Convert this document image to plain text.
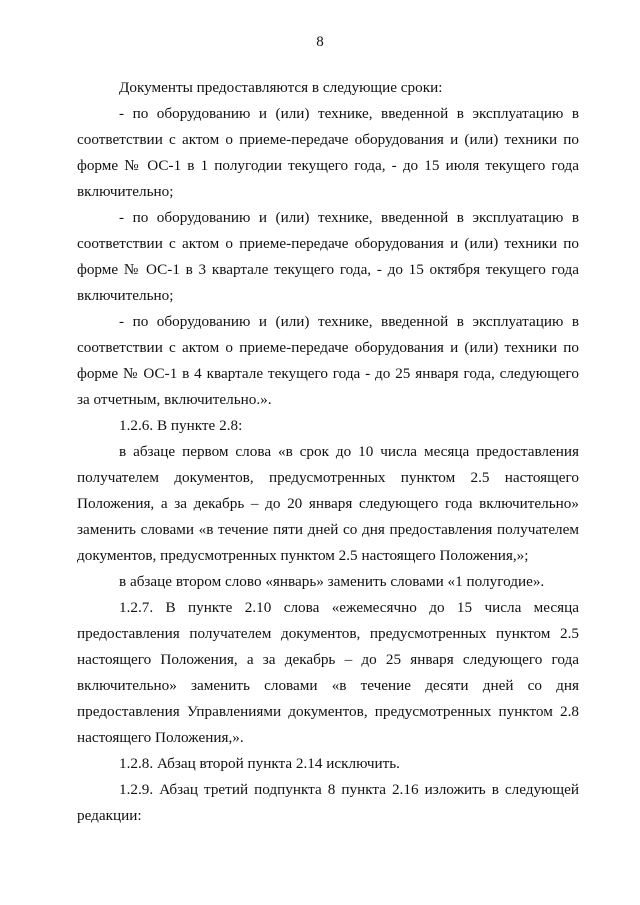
8
Документы предоставляются в следующие сроки:
- по оборудованию и (или) технике, введенной в эксплуатацию в
соответствии с актом о приеме-передаче оборудования и (или) техники по
форме № ОС-1 в 1 полугодии текущего года, - до 15 июля текущего года
включительно;
- по оборудованию и (или) технике, введенной в эксплуатацию в
соответствии с актом о приеме-передаче оборудования и (или) техники по
форме № ОС-1 в 3 квартале текущего года, - до 15 октября текущего года
включительно;
- по оборудованию и (или) технике, введенной в эксплуатацию в
соответствии с актом о приеме-передаче оборудования и (или) техники по
форме № ОС-1 в 4 квартале текущего года - до 25 января года, следующего
за отчетным, включительно.».
1.2.6. В пункте 2.8:
в абзаце первом слова «в срок до 10 числа месяца предоставления
получателем документов, предусмотренных пунктом 2.5 настоящего
Положения, а за декабрь – до 20 января следующего года включительно»
заменить словами «в течение пяти дней со дня предоставления получателем
документов, предусмотренных пунктом 2.5 настоящего Положения,»;
в абзаце втором слово «январь» заменить словами «1 полугодие».
1.2.7. В пункте 2.10 слова «ежемесячно до 15 числа месяца
предоставления получателем документов, предусмотренных пунктом 2.5
настоящего Положения, а за декабрь – до 25 января следующего года
включительно» заменить словами «в течение десяти дней со дня
предоставления Управлениями документов, предусмотренных пунктом 2.8
настоящего Положения,».
1.2.8. Абзац второй пункта 2.14 исключить.
1.2.9. Абзац третий подпункта 8 пункта 2.16 изложить в следующей
редакции:
